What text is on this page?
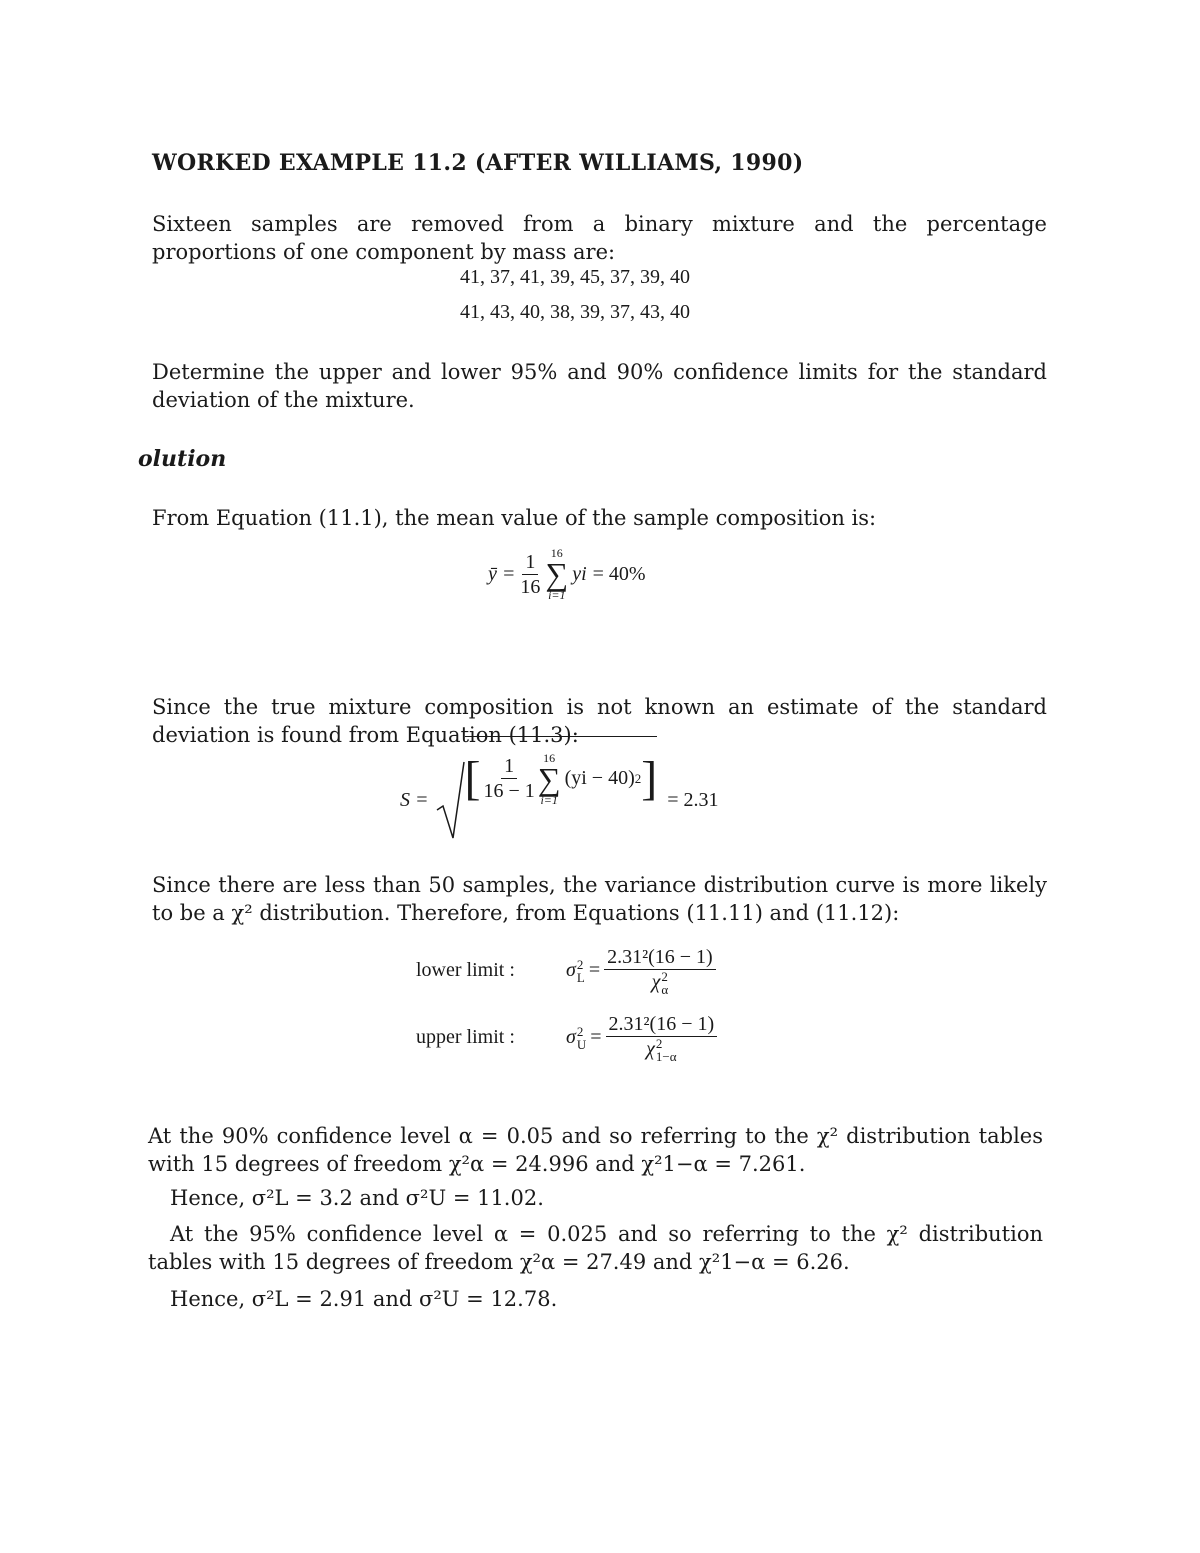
WORKED EXAMPLE 11.2 (AFTER WILLIAMS, 1990)
Sixteen samples are removed from a binary mixture and the percentage proportions of one component by mass are:
41, 37, 41, 39, 45, 37, 39, 40
41, 43, 40, 38, 39, 37, 43, 40
Determine the upper and lower 95% and 90% confidence limits for the standard deviation of the mixture.
olution
From Equation (11.1), the mean value of the sample composition is:
ȳ = $\frac{1}{16} 16$
∑
i=1
yi = 40%
Since the true mixture composition is not known an estimate of the standard deviation is found from Equation (11.3):
S = [ $\frac{1}{16 - 1} 16$
∑
i=1
(yi − 40) 2 ] = 2.31
Since there are less than 50 samples, the variance distribution curve is more likely to be a χ² distribution. Therefore, from Equations (11.11) and (11.12):
lower limit :	σ 2
L = 2.31²(16 − 1)
χ 2
α
upper limit :	σ 2
U = 2.31²(16 − 1)
χ 2
1−α
At the 90% confidence level α = 0.05 and so referring to the χ² distribution tables with 15 degrees of freedom χ²α = 24.996 and χ²1−α = 7.261.
Hence, σ²L = 3.2 and σ²U = 11.02.
At the 95% confidence level α = 0.025 and so referring to the χ² distribution tables with 15 degrees of freedom χ²α = 27.49 and χ²1−α = 6.26.
Hence, σ²L = 2.91 and σ²U = 12.78.
